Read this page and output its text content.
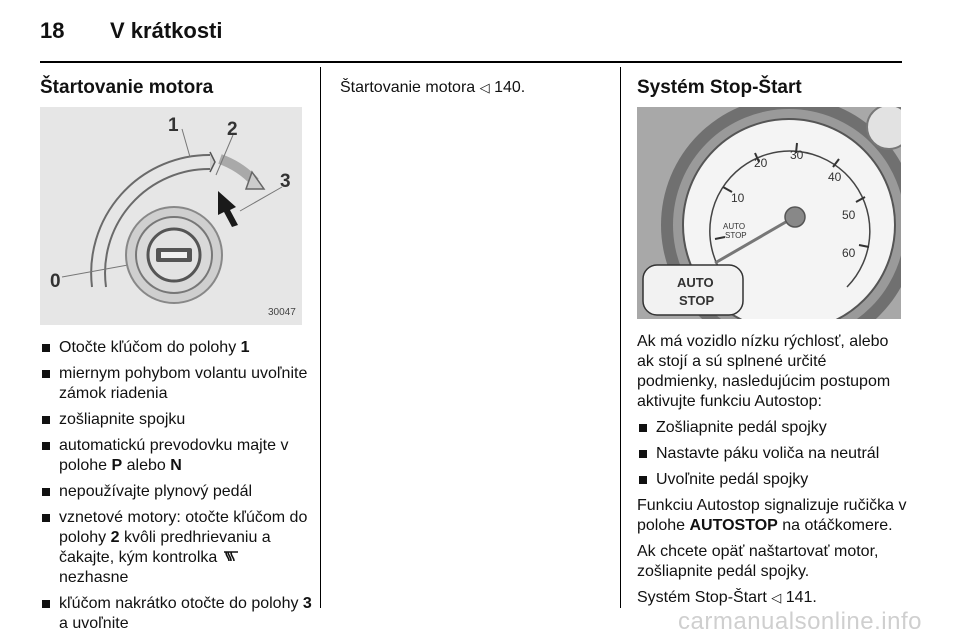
18 V krátkosti
Štartovanie motora
1	2
3
0
30047
Otočte kľúčom do polohy 1
miernym pohybom volantu uvoľnite zámok riadenia
zošliapnite spojku
automatickú prevodovku majte v polohe P alebo N
nepoužívajte plynový pedál
vznetové motory: otočte kľúčom do polohy 2 kvôli predhrievaniu a čakajte, kým kontrolka  nezhasne
kľúčom nakrátko otočte do polohy 3 a uvoľnite
Štartovanie motora ◁ 140.	Systém Stop-Štart
10
20
30
40
50
60
AUTO
STOP
AUTO
STOP
Ak má vozidlo nízku rýchlosť, alebo ak stojí a sú splnené určité podmienky, nasledujúcim postupom aktivujte funkciu Autostop:
Zošliapnite pedál spojky
Nastavte páku voliča na neutrál
Uvoľnite pedál spojky
Funkciu Autostop signalizuje ručička v polohe AUTOSTOP na otáčkomere.
Ak chcete opäť naštartovať motor, zošliapnite pedál spojky.
Systém Stop-Štart ◁ 141.
carmanualsonline.info
